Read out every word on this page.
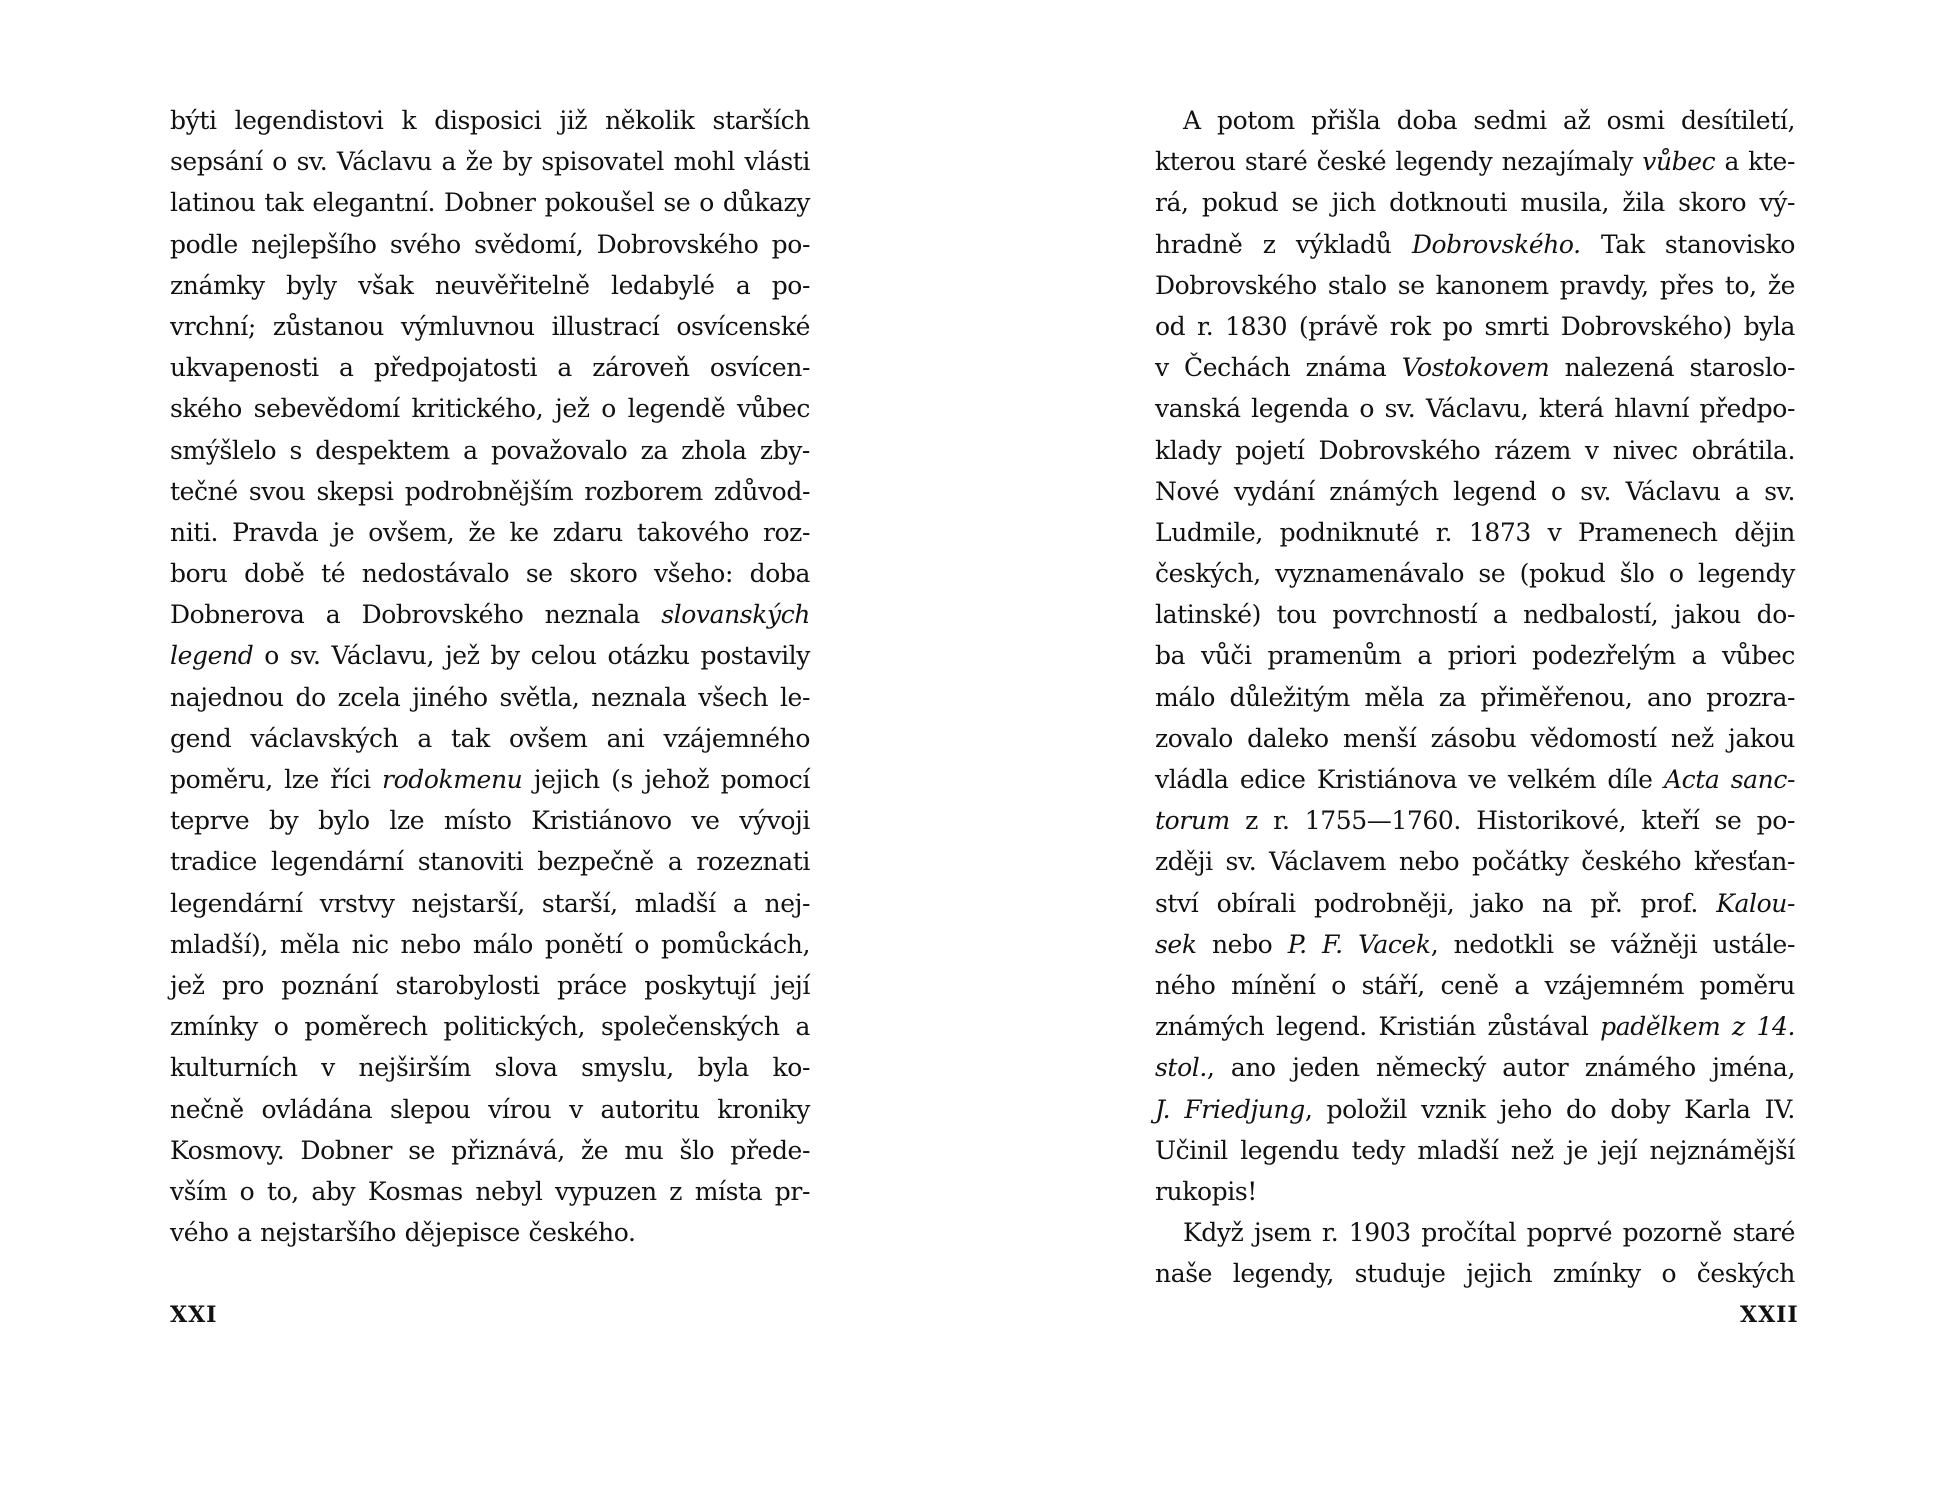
býti legendistovi k disposici již několik starších
sepsání o sv. Václavu a že by spisovatel mohl vlásti
latinou tak elegantní. Dobner pokoušel se o důkazy
podle nejlepšího svého svědomí, Dobrovského po-
známky byly však neuvěřitelně ledabylé a po-
vrchní; zůstanou výmluvnou illustrací osvícenské
ukvapenosti a předpojatosti a zároveň osvícen-
ského sebevědomí kritického, jež o legendě vůbec
smýšlelo s despektem a považovalo za zhola zby-
tečné svou skepsi podrobnějším rozborem zdůvod-
niti. Pravda je ovšem, že ke zdaru takového roz-
boru době té nedostávalo se skoro všeho: doba
Dobnerova a Dobrovského neznala slovanských
legend o sv. Václavu, jež by celou otázku postavily
najednou do zcela jiného světla, neznala všech le-
gend václavských a tak ovšem ani vzájemného
poměru, lze říci rodokmenu jejich (s jehož pomocí
teprve by bylo lze místo Kristiánovo ve vývoji
tradice legendární stanoviti bezpečně a rozeznati
legendární vrstvy nejstarší, starší, mladší a nej-
mladší), měla nic nebo málo ponětí o pomůckách,
jež pro poznání starobylosti práce poskytují její
zmínky o poměrech politických, společenských a
kulturních v nejširším slova smyslu, byla ko-
nečně ovládána slepou vírou v autoritu kroniky
Kosmovy. Dobner se přiznává, že mu šlo přede-
vším o to, aby Kosmas nebyl vypuzen z místa pr-
vého a nejstaršího dějepisce českého.
XXI
A potom přišla doba sedmi až osmi desítiletí,
kterou staré české legendy nezajímaly vůbec a kte-
rá, pokud se jich dotknouti musila, žila skoro vý-
hradně z výkladů Dobrovského. Tak stanovisko
Dobrovského stalo se kanonem pravdy, přes to, že
od r. 1830 (právě rok po smrti Dobrovského) byla
v Čechách známa Vostokovem nalezená staroslo-
vanská legenda o sv. Václavu, která hlavní předpo-
klady pojetí Dobrovského rázem v nivec obrátila.
Nové vydání známých legend o sv. Václavu a sv.
Ludmile, podniknuté r. 1873 v Pramenech dějin
českých, vyznamenávalo se (pokud šlo o legendy
latinské) tou povrchností a nedbalostí, jakou do-
ba vůči pramenům a priori podezřelým a vůbec
málo důležitým měla za přiměřenou, ano prozra-
zovalo daleko menší zásobu vědomostí než jakou
vládla edice Kristiánova ve velkém díle Acta sanc-
torum z r. 1755—1760. Historikové, kteří se po-
zději sv. Václavem nebo počátky českého křesťan-
ství obírali podrobněji, jako na př. prof. Kalou-
sek nebo P. F. Vacek, nedotkli se vážněji ustále-
ného mínění o stáří, ceně a vzájemném poměru
známých legend. Kristián zůstával padělkem z 14.
stol., ano jeden německý autor známého jména,
J. Friedjung, položil vznik jeho do doby Karla IV.
Učinil legendu tedy mladší než je její nejznámější
rukopis!
Když jsem r. 1903 pročítal poprvé pozorně staré
naše legendy, studuje jejich zmínky o českých
XXII
